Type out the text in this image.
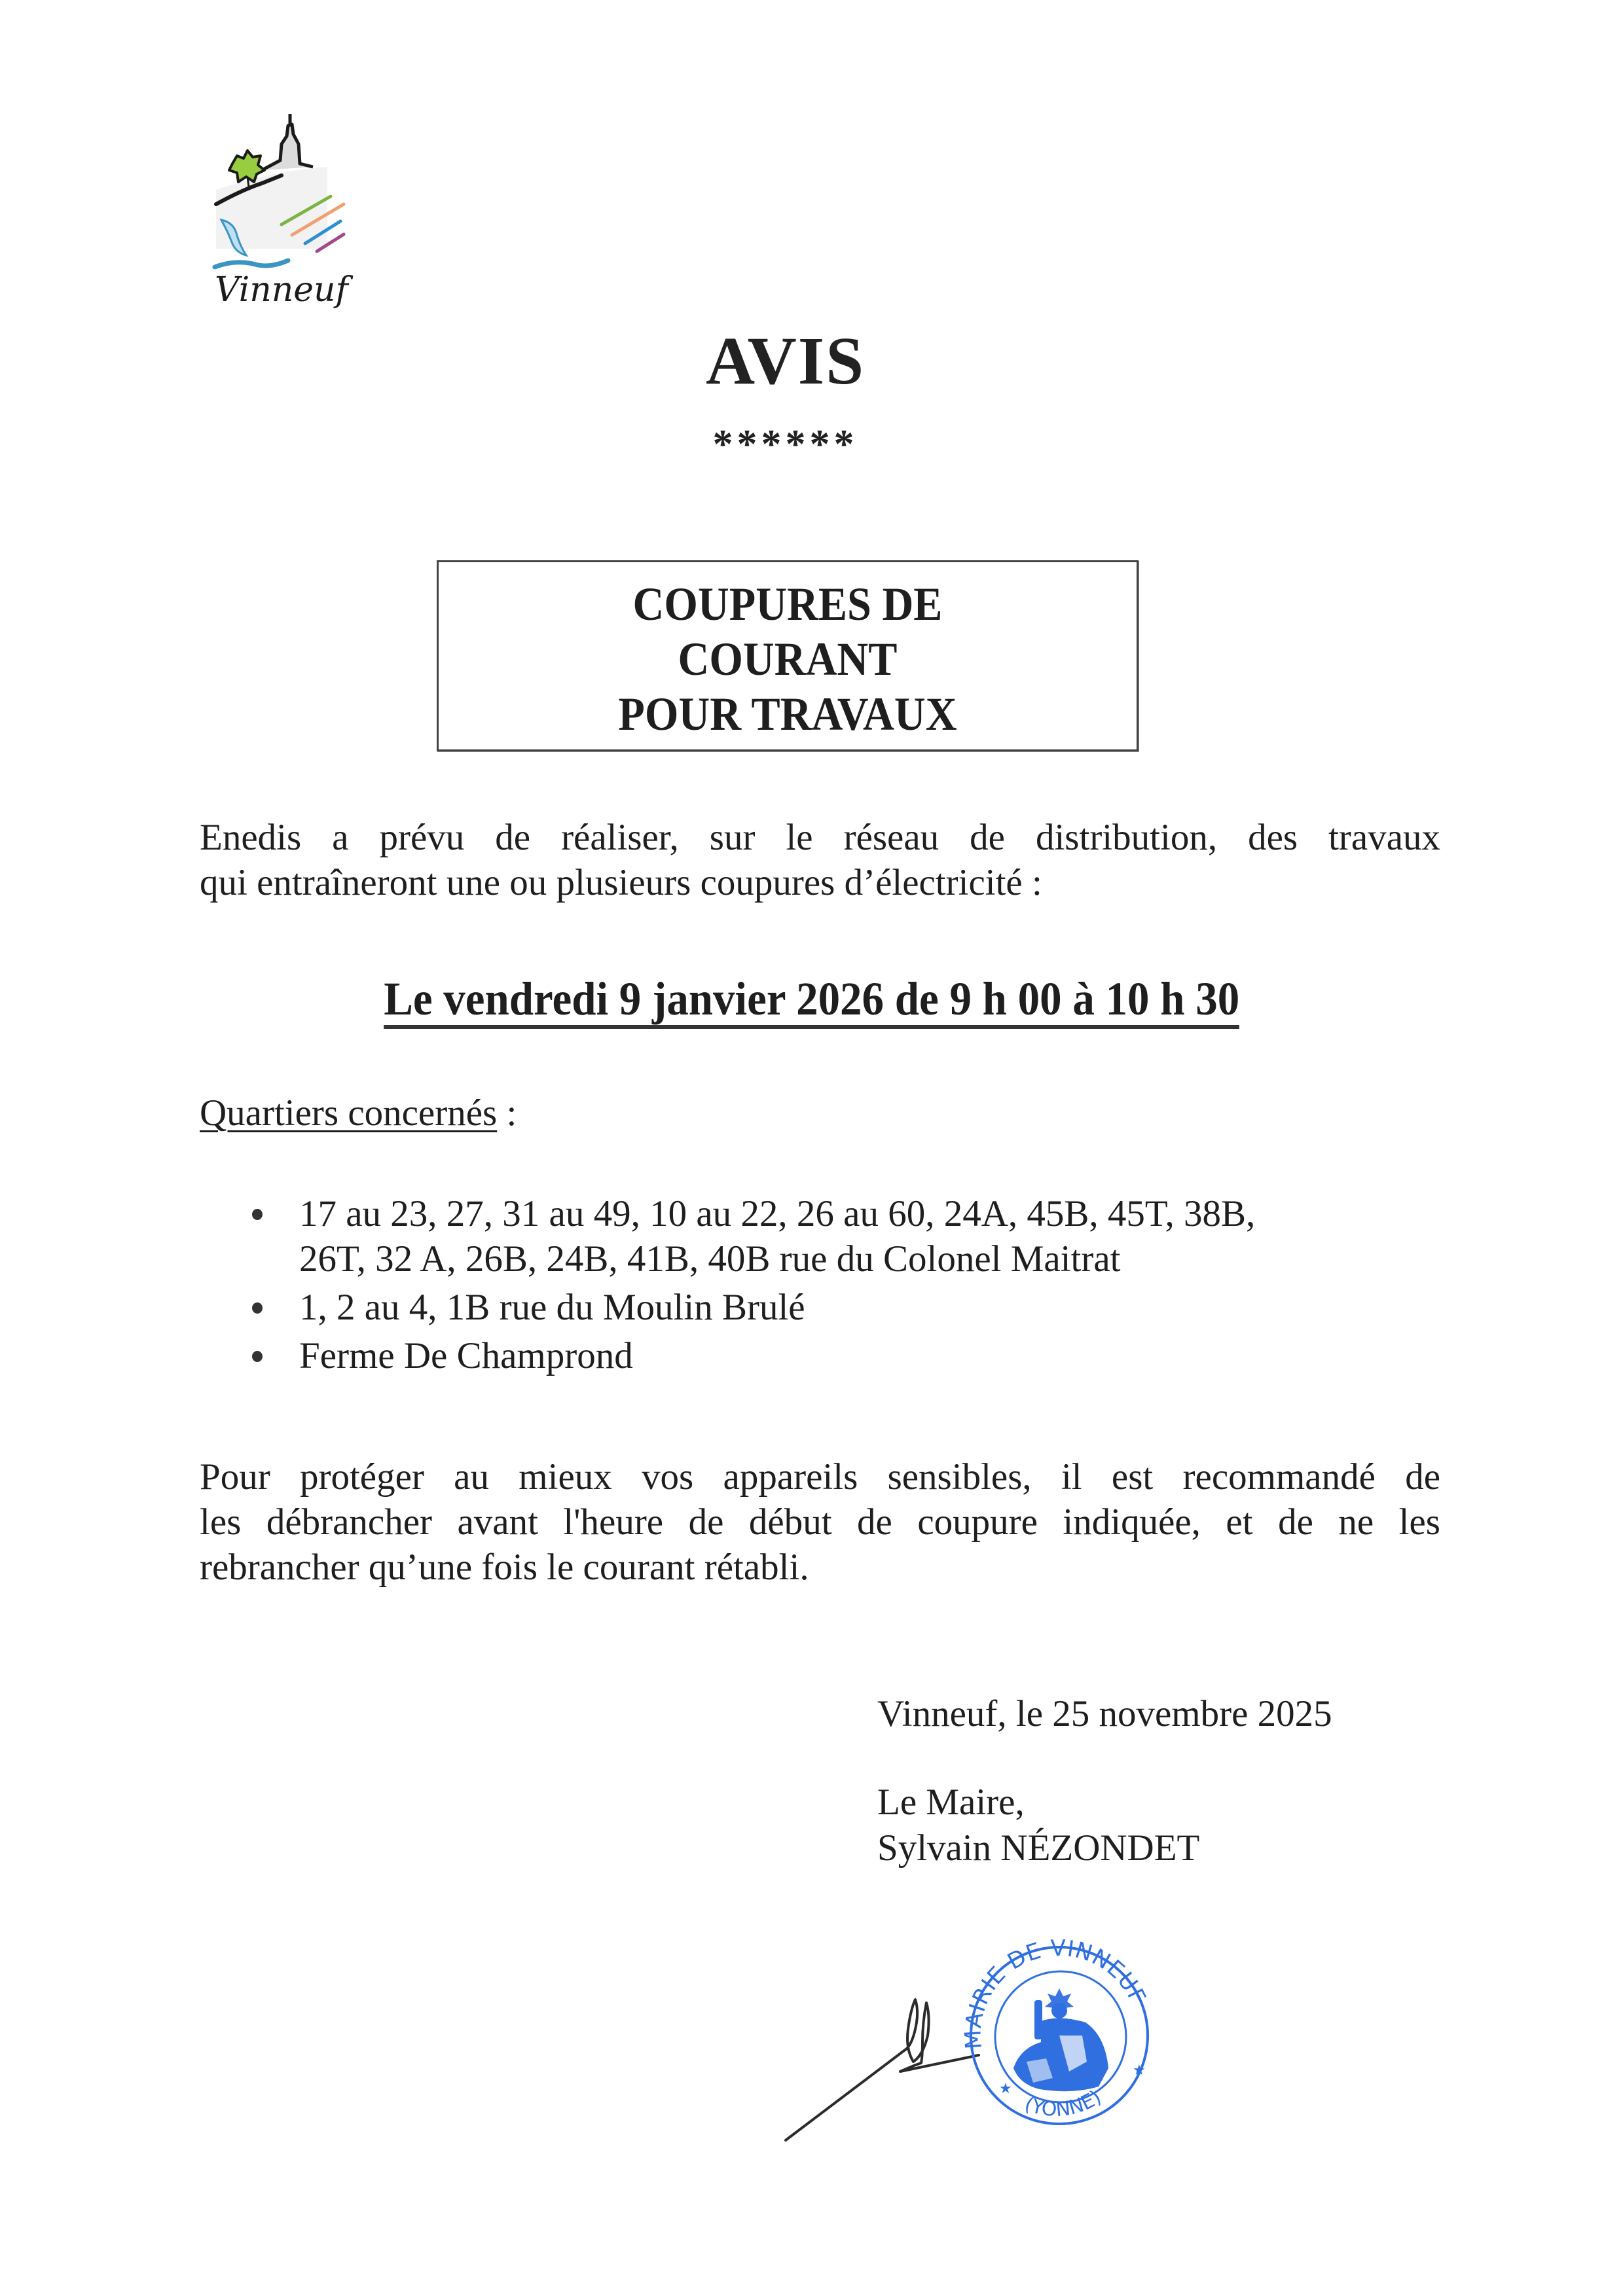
Vinneuf
AVIS
******
COUPURES DE
COURANT
POUR TRAVAUX
Enedis a prévu de réaliser, sur le réseau de distribution, des travaux
qui entraîneront une ou plusieurs coupures d’électricité :
Le vendredi 9 janvier 2026 de 9 h 00 à 10 h 30
Quartiers concernés :
17 au 23, 27, 31 au 49, 10 au 22, 26 au 60, 24A, 45B, 45T, 38B,
26T, 32 A, 26B, 24B, 41B, 40B rue du Colonel Maitrat
1, 2 au 4, 1B rue du Moulin Brulé
Ferme De Champrond
Pour protéger au mieux vos appareils sensibles, il est recommandé de
les débrancher avant l'heure de début de coupure indiquée, et de ne les
rebrancher qu’une fois le courant rétabli.
Vinneuf, le 25 novembre 2025
Le Maire,
Sylvain NÉZONDET
MAIRIE DE VINNEUF
(YONNE)
★
★
